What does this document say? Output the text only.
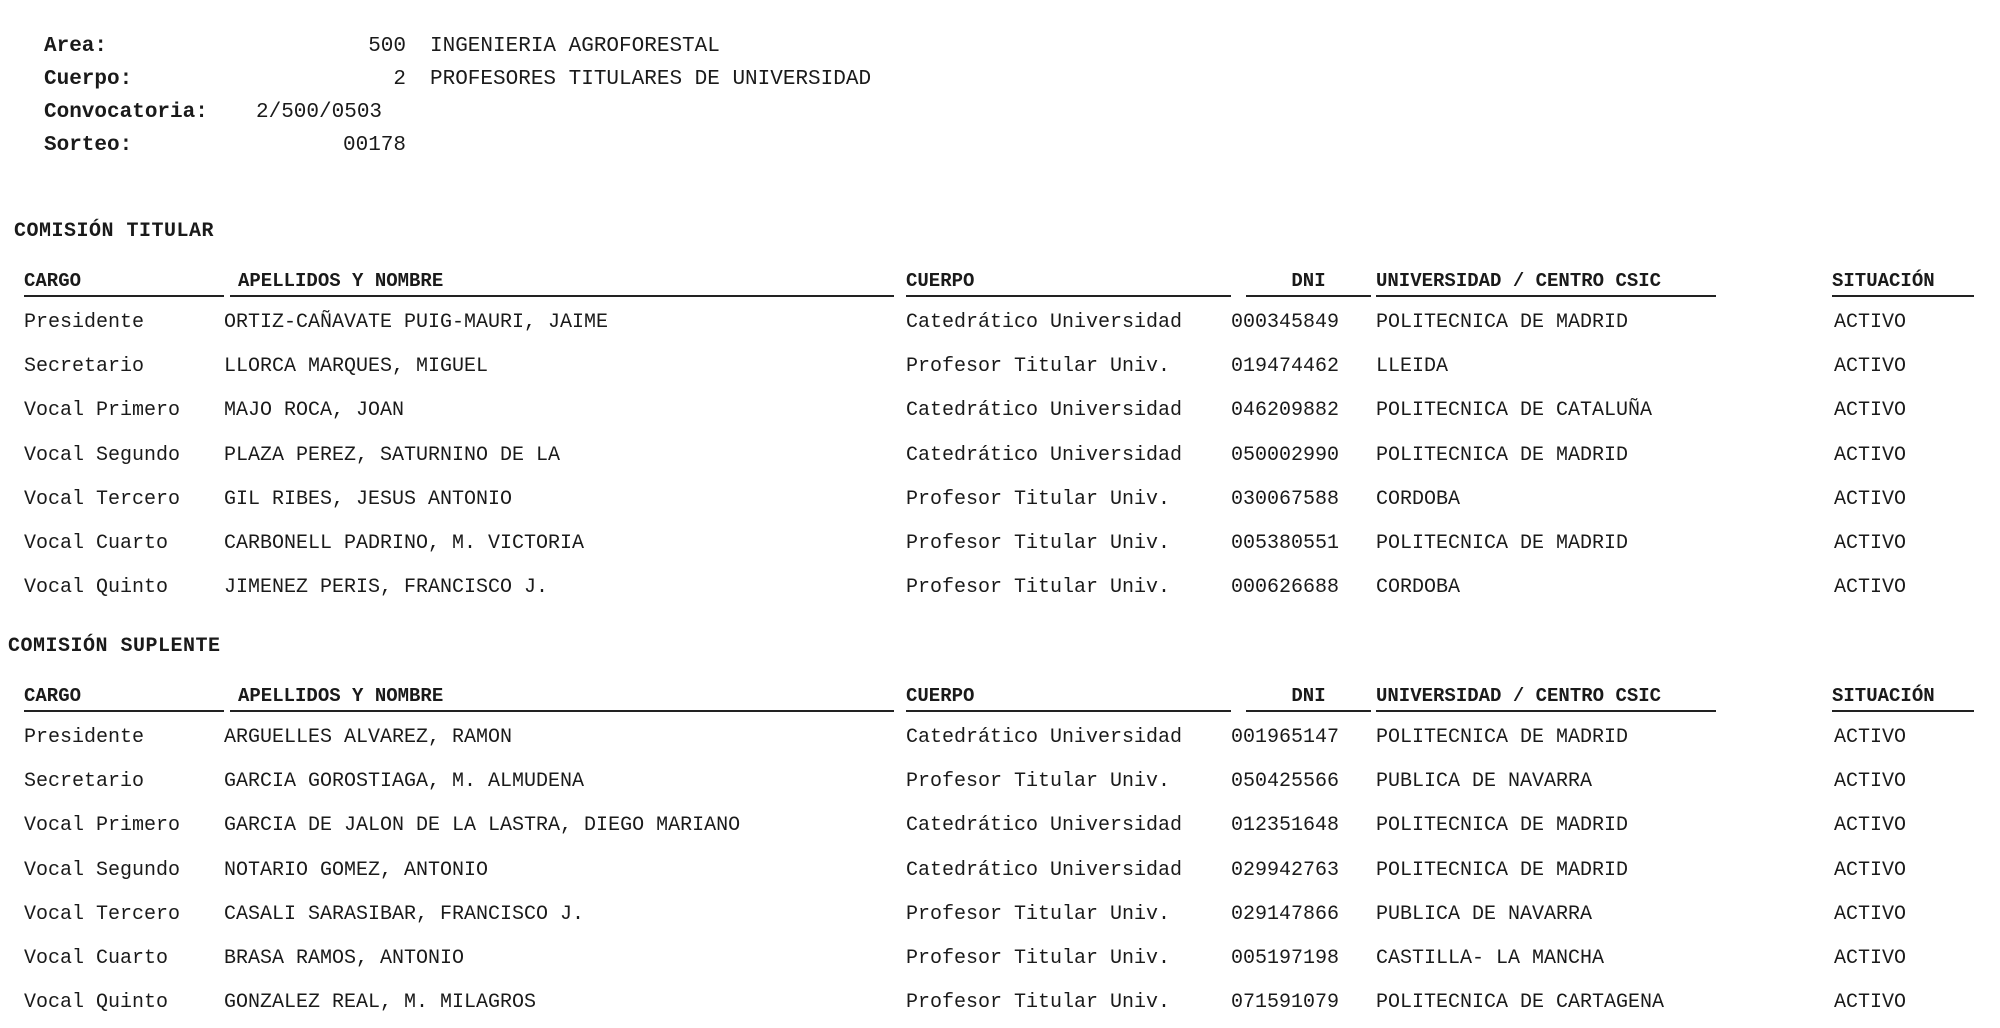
Area:	500 INGENIERIA AGROFORESTAL
Cuerpo:	2 PROFESORES TITULARES DE UNIVERSIDAD
Convocatoria:	2/500/0503
Sorteo:	00178
COMISIÓN TITULAR
CARGO	APELLIDOS Y NOMBRE	CUERPO	DNI	UNIVERSIDAD / CENTRO CSIC	SITUACIÓN
Presidente	ORTIZ-CAÑAVATE PUIG-MAURI, JAIME	Catedrático Universidad	000345849 POLITECNICA DE MADRID	ACTIVO
Secretario	LLORCA MARQUES, MIGUEL	Profesor Titular Univ.	019474462 LLEIDA	ACTIVO
Vocal Primero	MAJO ROCA, JOAN	Catedrático Universidad	046209882 POLITECNICA DE CATALUÑA	ACTIVO
Vocal Segundo	PLAZA PEREZ, SATURNINO DE LA	Catedrático Universidad	050002990 POLITECNICA DE MADRID	ACTIVO
Vocal Tercero	GIL RIBES, JESUS ANTONIO	Profesor Titular Univ.	030067588 CORDOBA	ACTIVO
Vocal Cuarto	CARBONELL PADRINO, M. VICTORIA	Profesor Titular Univ.	005380551 POLITECNICA DE MADRID	ACTIVO
Vocal Quinto	JIMENEZ PERIS, FRANCISCO J.	Profesor Titular Univ.	000626688 CORDOBA	ACTIVO
COMISIÓN SUPLENTE
CARGO	APELLIDOS Y NOMBRE	CUERPO	DNI	UNIVERSIDAD / CENTRO CSIC	SITUACIÓN
Presidente	ARGUELLES ALVAREZ, RAMON	Catedrático Universidad	001965147 POLITECNICA DE MADRID	ACTIVO
Secretario	GARCIA GOROSTIAGA, M. ALMUDENA	Profesor Titular Univ.	050425566 PUBLICA DE NAVARRA	ACTIVO
Vocal Primero	GARCIA DE JALON DE LA LASTRA, DIEGO MARIANO	Catedrático Universidad	012351648 POLITECNICA DE MADRID	ACTIVO
Vocal Segundo	NOTARIO GOMEZ, ANTONIO	Catedrático Universidad	029942763 POLITECNICA DE MADRID	ACTIVO
Vocal Tercero	CASALI SARASIBAR, FRANCISCO J.	Profesor Titular Univ.	029147866 PUBLICA DE NAVARRA	ACTIVO
Vocal Cuarto	BRASA RAMOS, ANTONIO	Profesor Titular Univ.	005197198 CASTILLA- LA MANCHA	ACTIVO
Vocal Quinto	GONZALEZ REAL, M. MILAGROS	Profesor Titular Univ.	071591079 POLITECNICA DE CARTAGENA	ACTIVO
